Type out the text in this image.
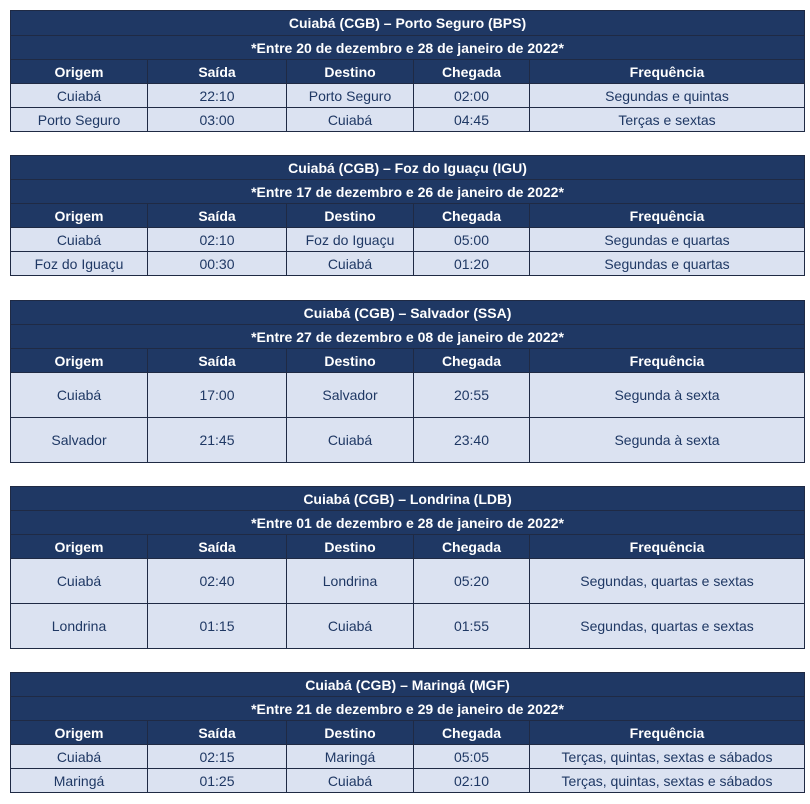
Cuiabá (CGB) – Porto Seguro (BPS)				
*Entre 20 de dezembro e 28 de janeiro de 2022*				
Origem	Saída	Destino	Chegada	Frequência
Cuiabá	22:10	Porto Seguro	02:00	Segundas e quintas
Porto Seguro	03:00	Cuiabá	04:45	Terças e sextas
Cuiabá (CGB) – Foz do Iguaçu (IGU)				
*Entre 17 de dezembro e 26 de janeiro de 2022*				
Origem	Saída	Destino	Chegada	Frequência
Cuiabá	02:10	Foz do Iguaçu	05:00	Segundas e quartas
Foz do Iguaçu	00:30	Cuiabá	01:20	Segundas e quartas
Cuiabá (CGB) – Salvador (SSA)				
*Entre 27 de dezembro e 08 de janeiro de 2022*				
Origem	Saída	Destino	Chegada	Frequência
Cuiabá	17:00	Salvador	20:55	Segunda à sexta
Salvador	21:45	Cuiabá	23:40	Segunda à sexta
Cuiabá (CGB) – Londrina (LDB)				
*Entre 01 de dezembro e 28 de janeiro de 2022*				
Origem	Saída	Destino	Chegada	Frequência
Cuiabá	02:40	Londrina	05:20	Segundas, quartas e sextas
Londrina	01:15	Cuiabá	01:55	Segundas, quartas e sextas
Cuiabá (CGB) – Maringá (MGF)				
*Entre 21 de dezembro e 29 de janeiro de 2022*				
Origem	Saída	Destino	Chegada	Frequência
Cuiabá	02:15	Maringá	05:05	Terças, quintas, sextas e sábados
Maringá	01:25	Cuiabá	02:10	Terças, quintas, sextas e sábados
